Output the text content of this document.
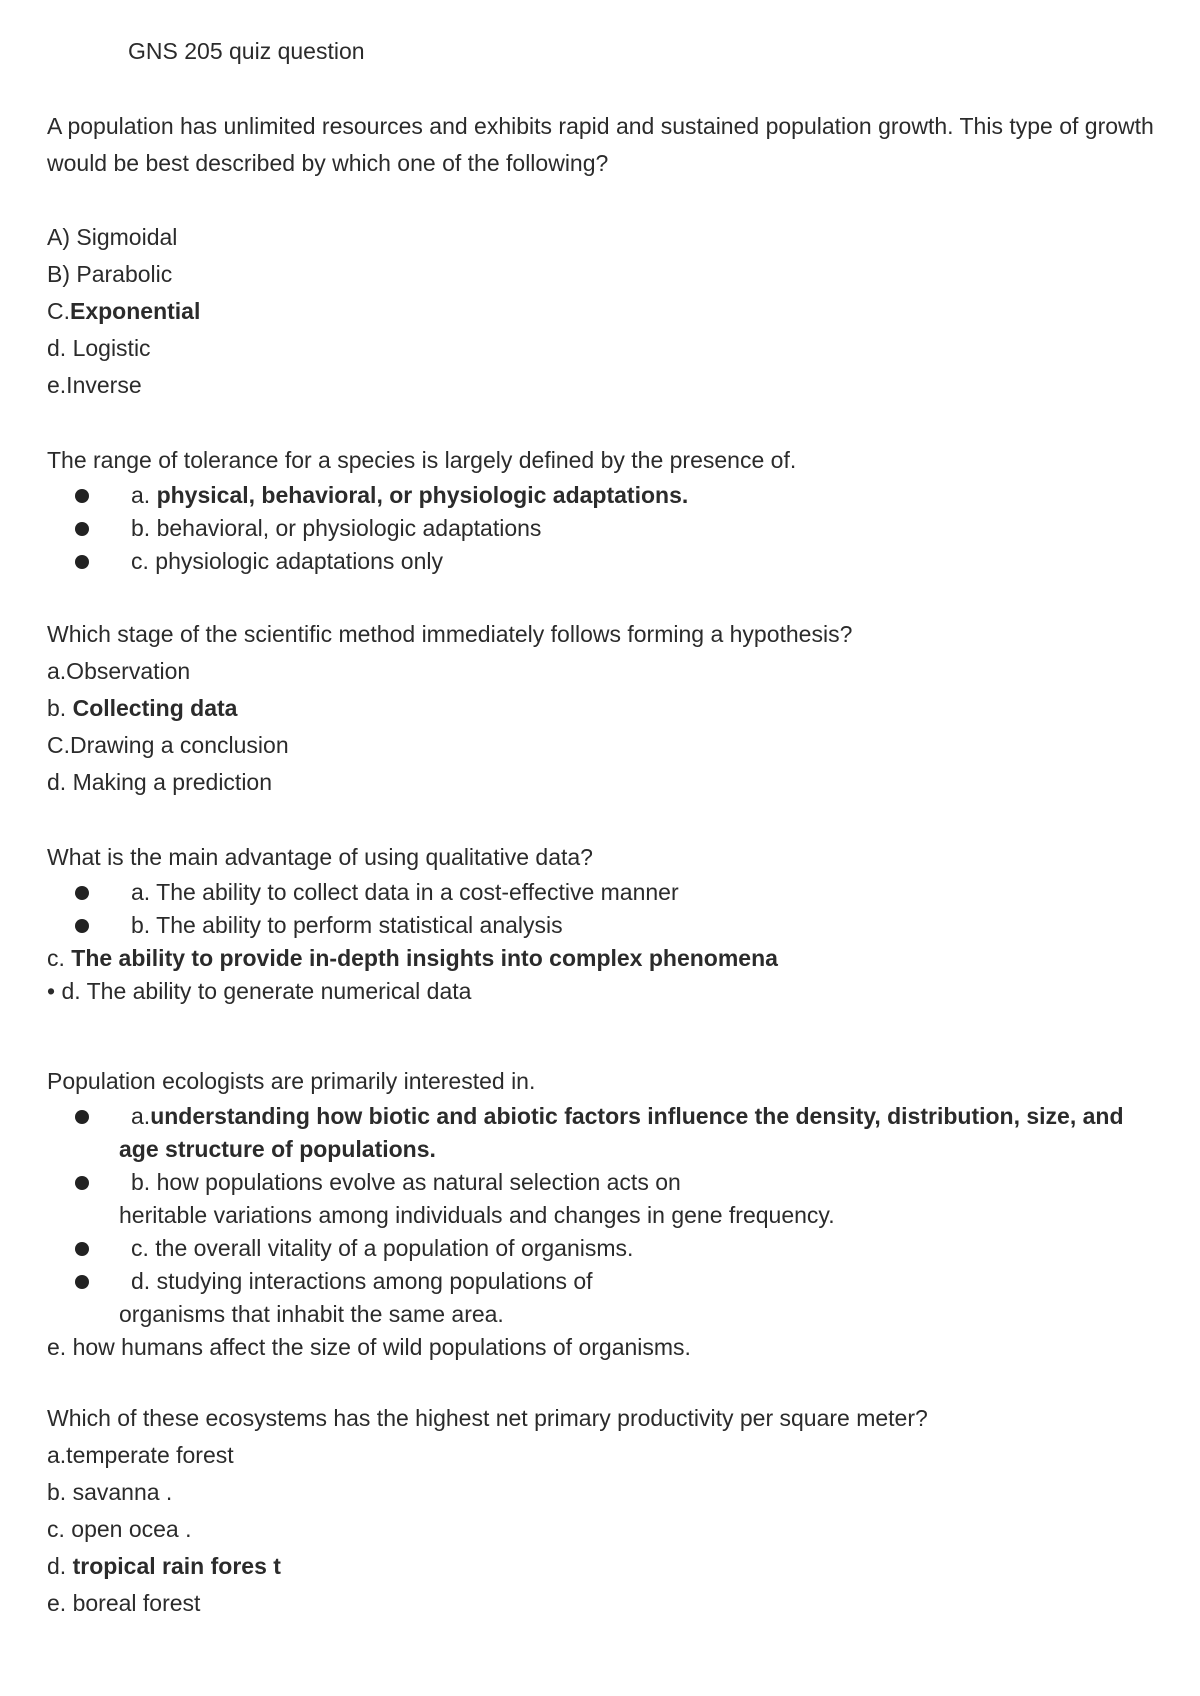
GNS 205 quiz question
A population has unlimited resources and exhibits rapid and sustained population growth. This type of growth would be best described by which one of the following?
A) Sigmoidal
B) Parabolic
C.Exponential
d. Logistic
e.Inverse
The range of tolerance for a species is largely defined by the presence of.
a. physical, behavioral, or physiologic adaptations.
b. behavioral, or physiologic adaptations
c. physiologic adaptations only
Which stage of the scientific method immediately follows forming a hypothesis?
a.Observation
b. Collecting data
C.Drawing a conclusion
d. Making a prediction
What is the main advantage of using qualitative data?
a. The ability to collect data in a cost-effective manner
b. The ability to perform statistical analysis
c. The ability to provide in-depth insights into complex phenomena
• d. The ability to generate numerical data
Population ecologists are primarily interested in.
a.understanding how biotic and abiotic factors influence the density, distribution, size, and age structure of populations.
b. how populations evolve as natural selection acts on
heritable variations among individuals and changes in gene frequency.
c. the overall vitality of a population of organisms.
d. studying interactions among populations of
organisms that inhabit the same area.
e. how humans affect the size of wild populations of organisms.
Which of these ecosystems has the highest net primary productivity per square meter?
a.temperate forest
b. savanna .
c. open ocea .
d. tropical rain fores t
e. boreal forest
